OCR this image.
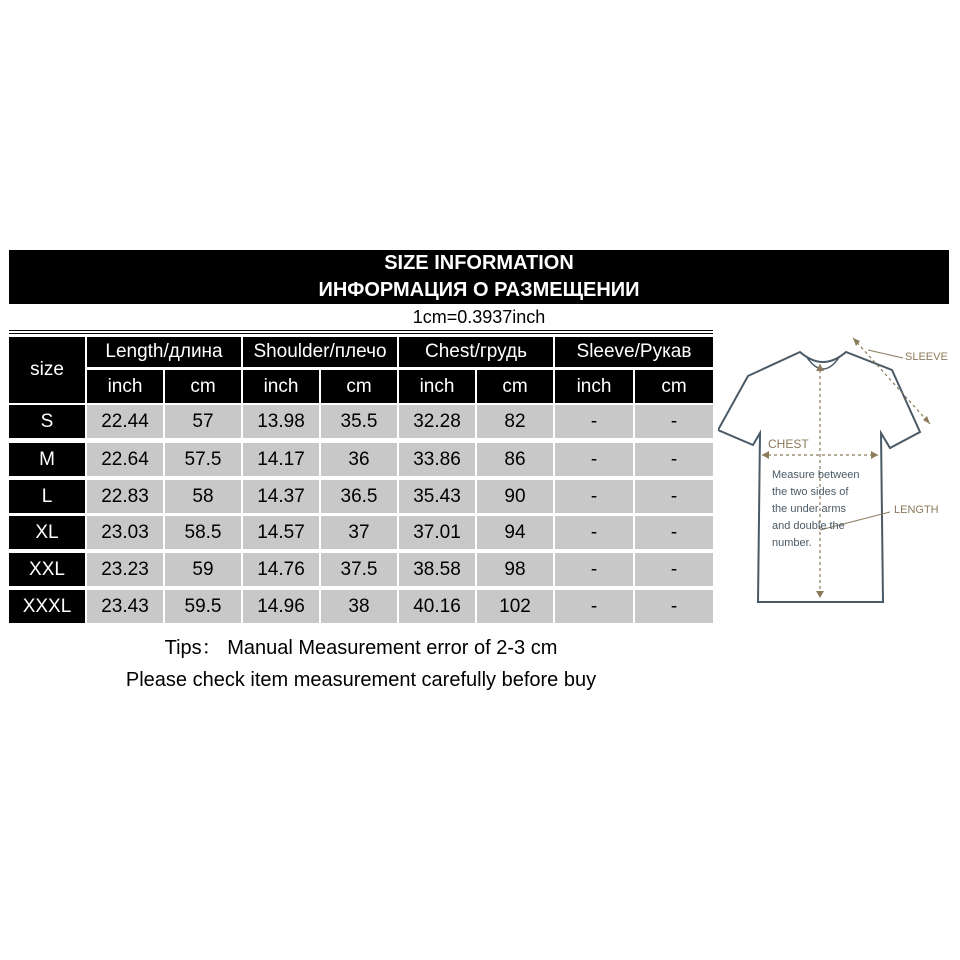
SIZE INFORMATION
ИНФОРМАЦИЯ О РАЗМЕЩЕНИИ
1cm=0.3937inch
size
Length/длина	Shoulder/плечо	Chest/грудь	Sleeve/Рукав
inch	cm	inch	cm	inch	cm	inch	cm
S	22.44	57	13.98	35.5	32.28	82	-	-
M	22.64	57.5	14.17	36	33.86	86	-	-
L	22.83	58	14.37	36.5	35.43	90	-	-
XL	23.03	58.5	14.57	37	37.01	94	-	-
XXL	23.23	59	14.76	37.5	38.58	98	-	-
XXXL	23.43	59.5	14.96	38	40.16	102	-	-
Tips： Manual Measurement error of 2-3 cm
Please check item measurement carefully before buy
SLEEVE
CHEST
LENGTH
Measure between the two sides of the under arms and double the number.
